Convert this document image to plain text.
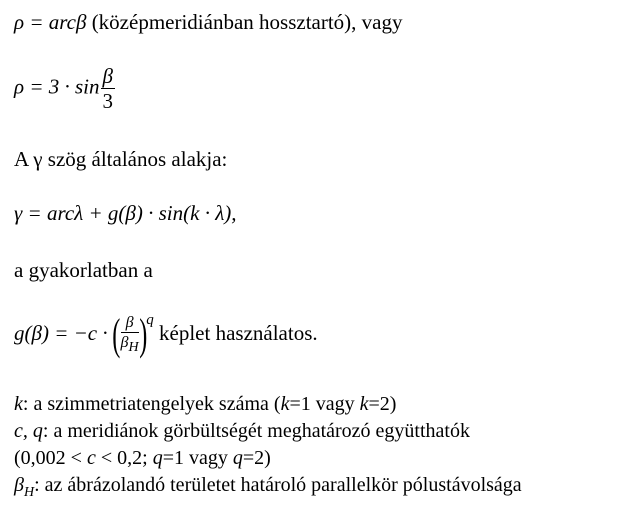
ρ = arcβ (középmeridiánban hossztartó), vagy
$\rho = 3 \cdot \sin \frac{\beta}{3}$
A γ szög általános alakja:
γ = arcλ + g(β) · sin(k · λ),
a gyakorlatban a
g(β) = −c · ( $\frac{\beta}{\beta_H} )^q$ képlet használatos.
k: a szimmetriatengelyek száma (k=1 vagy k=2)
c, q: a meridiánok görbültségét meghatározó együtthatók
(0,002 < c < 0,2; q=1 vagy q=2)
$\beta_H$: az ábrázolandó területet határoló parallelkör pólustávolsága
